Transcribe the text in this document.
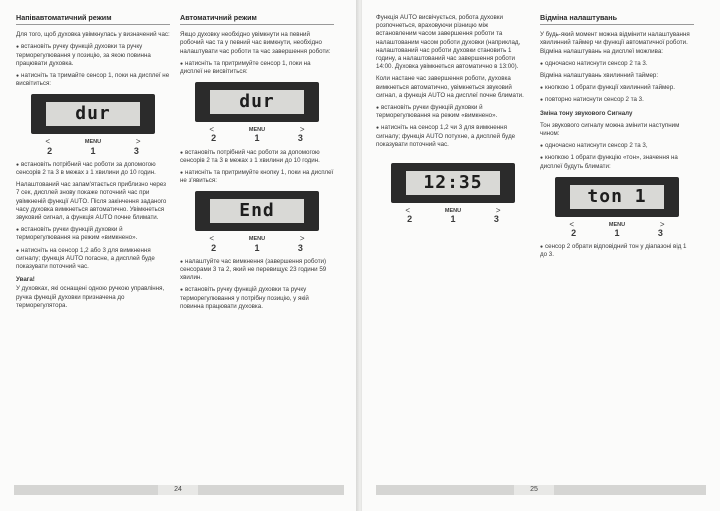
Напівавтоматичний режим

Для того, щоб духовка увімкнулась у визначений час:

● встановіть ручку функцій духовки та ручку терморегулювання у позицію, за якою повинна працювати духовка.

● натисніть та тримайте сенсор 1, поки на дисплеї не висвітиться:

dur
<	MENU	>
2	1	3

● встановіть потрібний час роботи за допомогою сенсорів 2 та 3 в межах з 1 хвилини до 10 годин.

Налаштований час запам'ятається приблизно через 7 сек, дисплей знову покаже поточний час при увімкненій функції AUTO. Після закінчення заданого часу духовка вимкнеться автоматично. Увімкнеться звуковий сигнал, а функція AUTO почне блимати.

● встановіть ручки функцій духовки й терморегулювання на режим «вимкнено».

● натисніть на сенсор 1,2 або 3 для вимкнення сигналу; функція AUTO погасне, а дисплей буде показувати поточний час.

Увага!

У духовках, які оснащені одною ручкою управління, ручка функцій духовки призначена до терморегулятора.

Автоматичний режим

Якщо духовку необхідно увімкнути на певний робочий час та у певний час вимкнути, необхідно налаштувати час роботи та час завершення роботи:

● натисніть та притримуйте сенсор 1, поки на дисплеї не висвітиться:

dur
<	MENU	>
2	1	3

● встановіть потрібний час роботи за допомогою сенсорів 2 та 3 в межах з 1 хвилини до 10 годин.

● натисніть та притримуйте кнопку 1, поки на дисплеї не з'явиться:

End
<	MENU	>
2	1	3

● налаштуйте час вимкнення (завершення роботи) сенсорами 3 та 2, який не перевищує 23 години 59 хвилин.

● встановіть ручку функцій духовки та ручку терморегулювання у потрібну позицію, у якій повинна працювати духовка.

24

Функція AUTO висвічується, робота духовки розпочнеться, враховуючи різницю між встановленим часом завершення роботи та налаштованим часом роботи духовки (наприклад, налаштований час роботи духовки становить 1 годину, а налаштований час завершення роботи 14:00. Духовка увімкнеться автоматично в 13:00).

Коли настане час завершення роботи, духовка вимкнеться автоматично, увімкнеться звуковий сигнал, а функція AUTO на дисплеї почне блимати.

● встановіть ручки функцій духовки й терморегулювання на режим «вимкнено».

● натисніть на сенсор 1,2 чи 3 для вимкнення сигналу; функція AUTO потухне, а дисплей буде показувати поточний час.

12:35
<	MENU	>
2	1	3
Відміна налаштувань

У будь-який момент можна відмінити налаштування хвилинний таймер чи функції автоматичної роботи. Відміна налаштувань на дисплеї можлива:

● одночасно натиснути сенсор 2 та 3.

Відміна налаштувань хвилинний таймер:

● кнопкою 1 обрати функції хвилинний таймер.

● повторно натиснути сенсор 2 та 3.

Зміна тону звукового Сигналу

Тон звукового сигналу можна змінити наступним чином:

● одночасно натиснути сенсор 2 та 3,

● кнопкою 1 обрати функцію «тон», значення на дисплеї будуть блимати:

ton 1
<	MENU	>
2	1	3

● сенсор 2 обрати відповідний тон у діапазоні від 1 до 3.

25
